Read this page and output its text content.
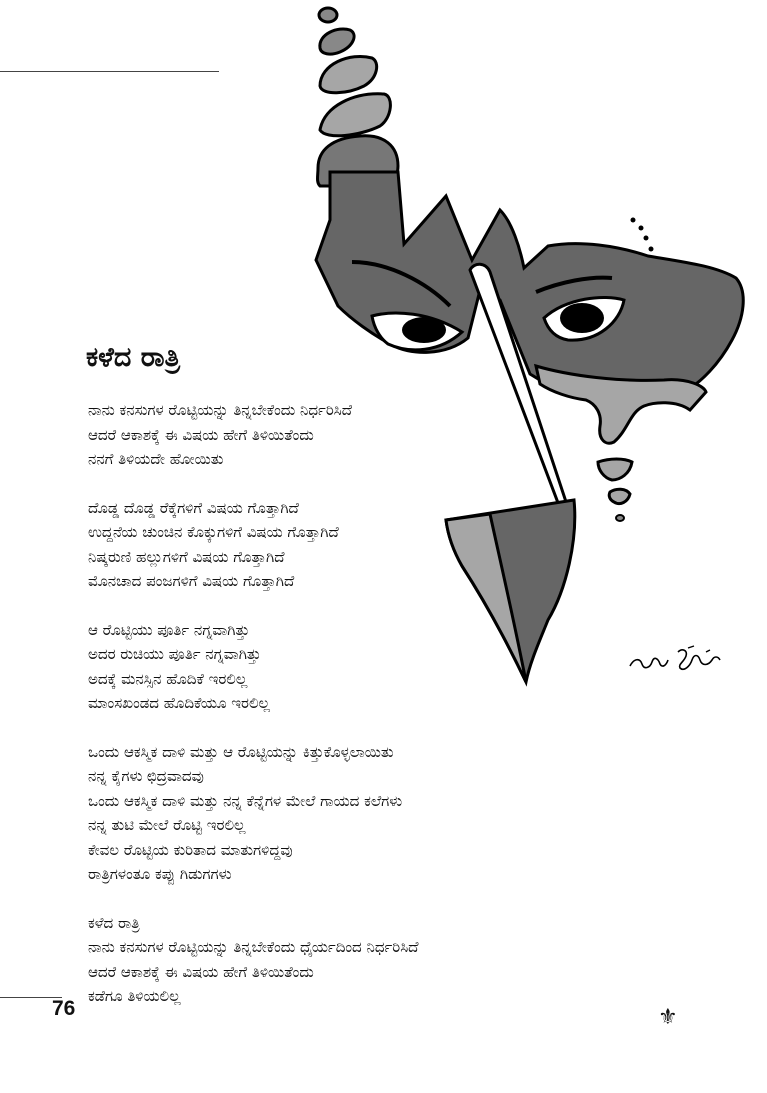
ಕಳೆದ ರಾತ್ರಿ
ನಾನು ಕನಸುಗಳ ರೊಟ್ಟಿಯನ್ನು ತಿನ್ನಬೇಕೆಂದು ನಿರ್ಧರಿಸಿದೆ
ಆದರೆ ಆಕಾಶಕ್ಕೆ ಈ ವಿಷಯ ಹೇಗೆ ತಿಳಿಯಿತೆಂದು
ನನಗೆ ತಿಳಿಯದೇ ಹೋಯಿತು
ದೊಡ್ಡ ದೊಡ್ಡ ರೆಕ್ಕೆಗಳಿಗೆ ವಿಷಯ ಗೊತ್ತಾಗಿದೆ
ಉದ್ದನೆಯ ಚುಂಚಿನ ಕೊಕ್ಕುಗಳಿಗೆ ವಿಷಯ ಗೊತ್ತಾಗಿದೆ
ನಿಷ್ಕರುಣಿ ಹಲ್ಲುಗಳಿಗೆ ವಿಷಯ ಗೊತ್ತಾಗಿದೆ
ಮೊನಚಾದ ಪಂಜಗಳಿಗೆ ವಿಷಯ ಗೊತ್ತಾಗಿದೆ
ಆ ರೊಟ್ಟಿಯು ಪೂರ್ತಿ ನಗ್ನವಾಗಿತ್ತು
ಅದರ ರುಚಿಯು ಪೂರ್ತಿ ನಗ್ನವಾಗಿತ್ತು
ಅದಕ್ಕೆ ಮನಸ್ಸಿನ ಹೊದಿಕೆ ಇರಲಿಲ್ಲ
ಮಾಂಸಖಂಡದ ಹೊದಿಕೆಯೂ ಇರಲಿಲ್ಲ
ಒಂದು ಆಕಸ್ಮಿಕ ದಾಳಿ ಮತ್ತು ಆ ರೊಟ್ಟಿಯನ್ನು ಕಿತ್ತುಕೊಳ್ಳಲಾಯಿತು
ನನ್ನ ಕೈಗಳು ಛಿದ್ರವಾದವು
ಒಂದು ಆಕಸ್ಮಿಕ ದಾಳಿ ಮತ್ತು ನನ್ನ ಕೆನ್ನೆಗಳ ಮೇಲೆ ಗಾಯದ ಕಲೆಗಳು
ನನ್ನ ತುಟಿ ಮೇಲೆ ರೊಟ್ಟಿ ಇರಲಿಲ್ಲ
ಕೇವಲ ರೊಟ್ಟಿಯ ಕುರಿತಾದ ಮಾತುಗಳಿದ್ದವು
ರಾತ್ರಿಗಳಂತೂ ಕಪ್ಪು ಗಿಡುಗಗಳು
ಕಳೆದ ರಾತ್ರಿ
ನಾನು ಕನಸುಗಳ ರೊಟ್ಟಿಯನ್ನು ತಿನ್ನಬೇಕೆಂದು ಧೈರ್ಯದಿಂದ ನಿರ್ಧರಿಸಿದೆ
ಆದರೆ ಆಕಾಶಕ್ಕೆ ಈ ವಿಷಯ ಹೇಗೆ ತಿಳಿಯಿತೆಂದು
ಕಡೆಗೂ ತಿಳಿಯಲಿಲ್ಲ
76	⚜
